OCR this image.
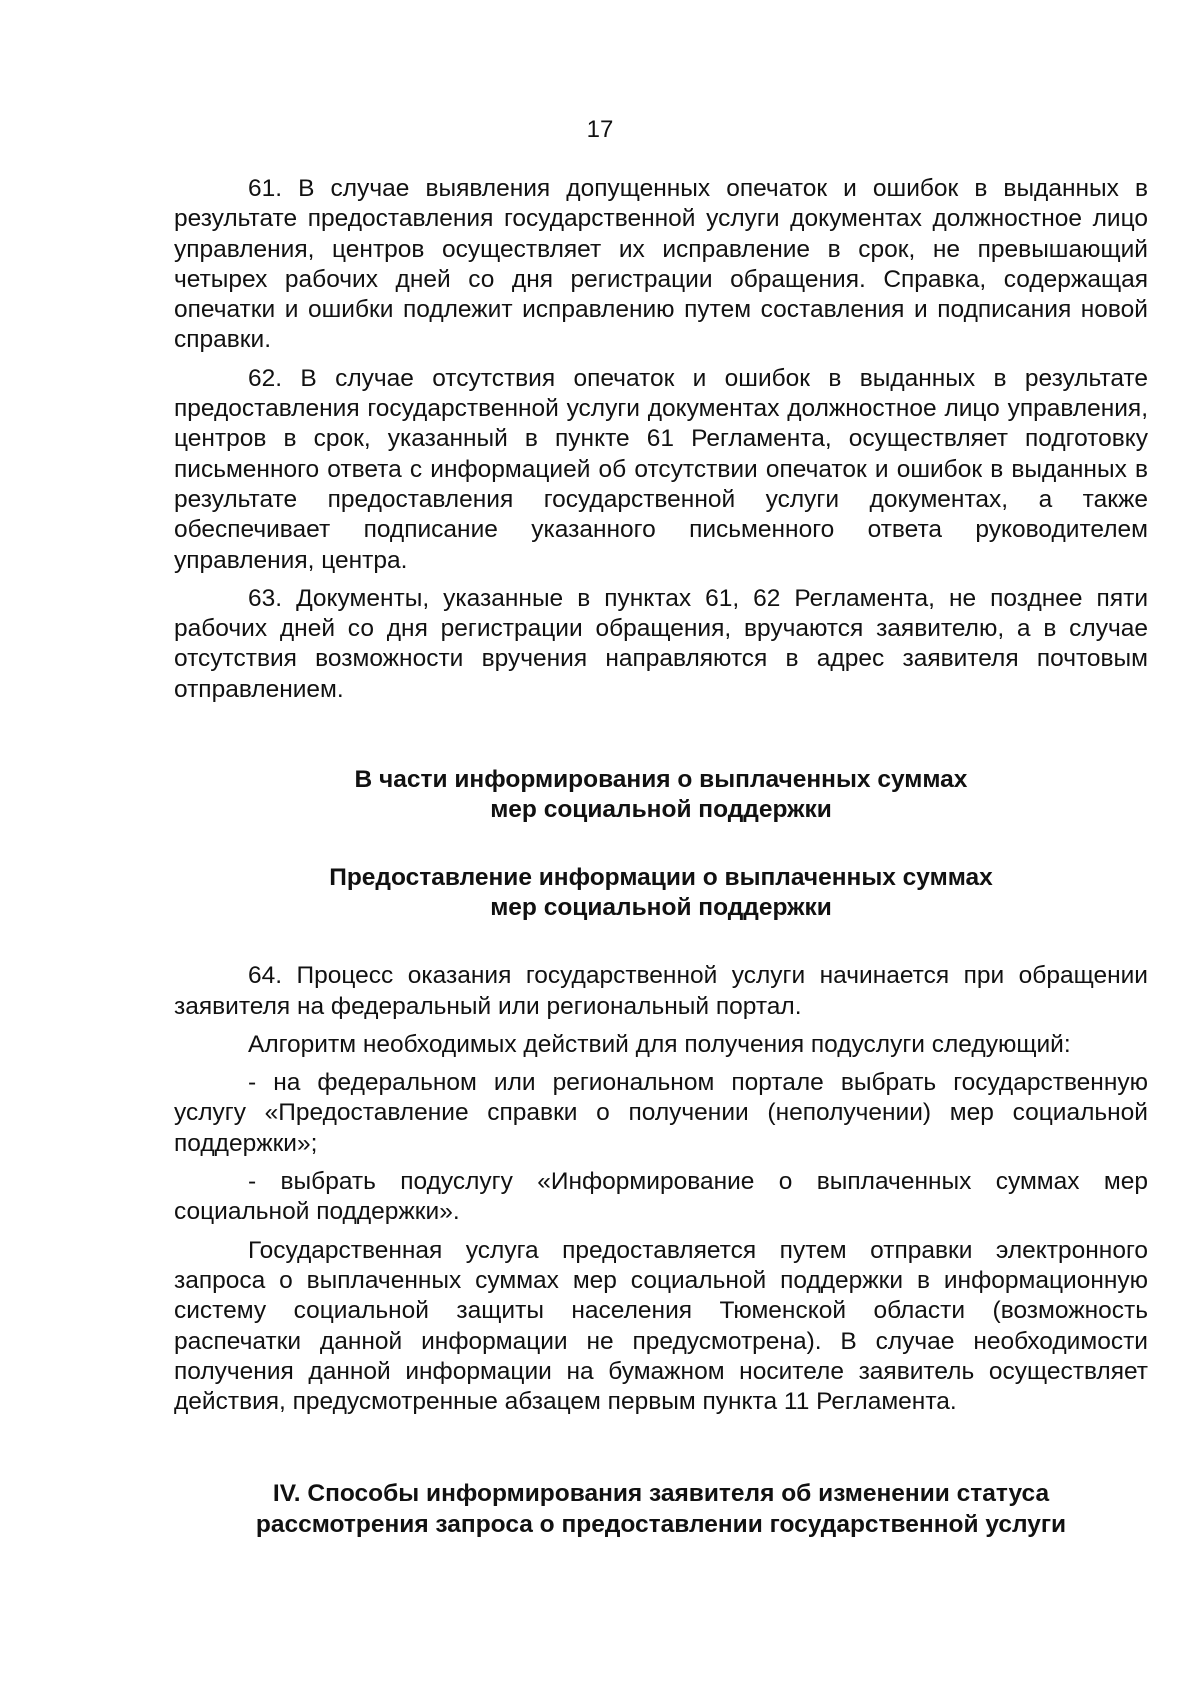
17

61. В случае выявления допущенных опечаток и ошибок в выданных в результате предоставления государственной услуги документах должностное лицо управления, центров осуществляет их исправление в срок, не превышающий четырех рабочих дней со дня регистрации обращения. Справка, содержащая опечатки и ошибки подлежит исправлению путем составления и подписания новой справки.

62. В случае отсутствия опечаток и ошибок в выданных в результате предоставления государственной услуги документах должностное лицо управления, центров в срок, указанный в пункте 61 Регламента, осуществляет подготовку письменного ответа с информацией об отсутствии опечаток и ошибок в выданных в результате предоставления государственной услуги документах, а также обеспечивает подписание указанного письменного ответа руководителем управления, центра.

63. Документы, указанные в пунктах 61, 62 Регламента, не позднее пяти рабочих дней со дня регистрации обращения, вручаются заявителю, а в случае отсутствия возможности вручения направляются в адрес заявителя почтовым отправлением.

В части информирования о выплаченных суммах
мер социальной поддержки
Предоставление информации о выплаченных суммах
мер социальной поддержки

64. Процесс оказания государственной услуги начинается при обращении заявителя на федеральный или региональный портал.

Алгоритм необходимых действий для получения подуслуги следующий:

- на федеральном или региональном портале выбрать государственную услугу «Предоставление справки о получении (неполучении) мер социальной поддержки»;

- выбрать подуслугу «Информирование о выплаченных суммах мер социальной поддержки».

Государственная услуга предоставляется путем отправки электронного запроса о выплаченных суммах мер социальной поддержки в информационную систему социальной защиты населения Тюменской области (возможность распечатки данной информации не предусмотрена). В случае необходимости получения данной информации на бумажном носителе заявитель осуществляет действия, предусмотренные абзацем первым пункта 11 Регламента.

IV. Способы информирования заявителя об изменении статуса
рассмотрения запроса о предоставлении государственной услуги
